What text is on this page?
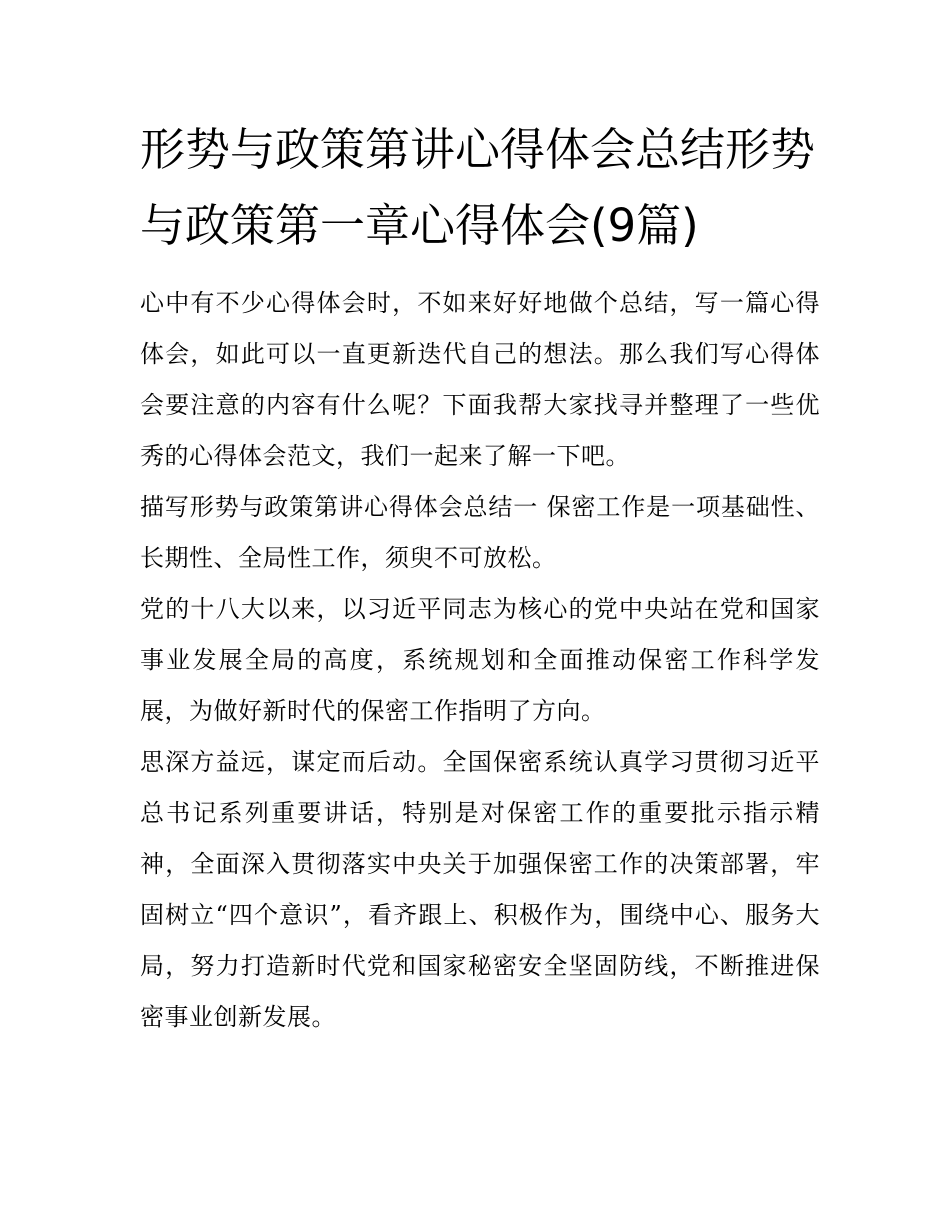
形势与政策第讲心得体会总结形势与政策第一章心得体会(9篇)

心中有不少心得体会时，不如来好好地做个总结，写一篇心得体会，如此可以一直更新迭代自己的想法。那么我们写心得体会要注意的内容有什么呢？下面我帮大家找寻并整理了一些优秀的心得体会范文，我们一起来了解一下吧。

描写形势与政策第讲心得体会总结一 保密工作是一项基础性、长期性、全局性工作，须臾不可放松。

党的十八大以来，以习近平同志为核心的党中央站在党和国家事业发展全局的高度，系统规划和全面推动保密工作科学发展，为做好新时代的保密工作指明了方向。

思深方益远，谋定而后动。全国保密系统认真学习贯彻习近平总书记系列重要讲话，特别是对保密工作的重要批示指示精神，全面深入贯彻落实中央关于加强保密工作的决策部署，牢固树立“四个意识”，看齐跟上、积极作为，围绕中心、服务大局，努力打造新时代党和国家秘密安全坚固防线，不断推进保密事业创新发展。
